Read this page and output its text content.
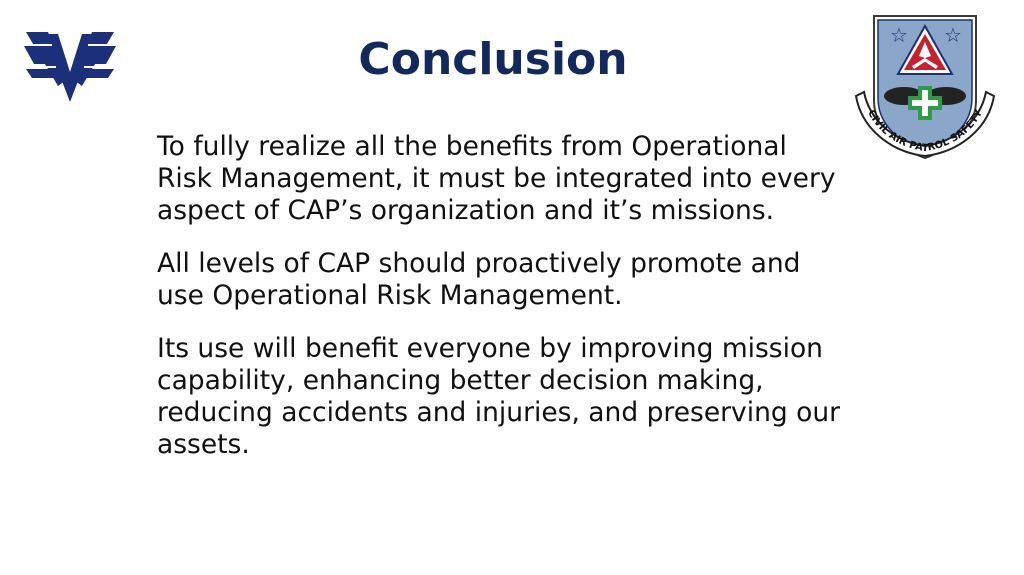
Conclusion	☆ ☆
CIVIL AIR PATROL SAFETY

To fully realize all the benefits from Operational Risk Management, it must be integrated into every aspect of CAP’s organization and it’s missions.

All levels of CAP should proactively promote and use Operational Risk Management.

Its use will benefit everyone by improving mission capability, enhancing better decision making, reducing accidents and injuries, and preserving our assets.
